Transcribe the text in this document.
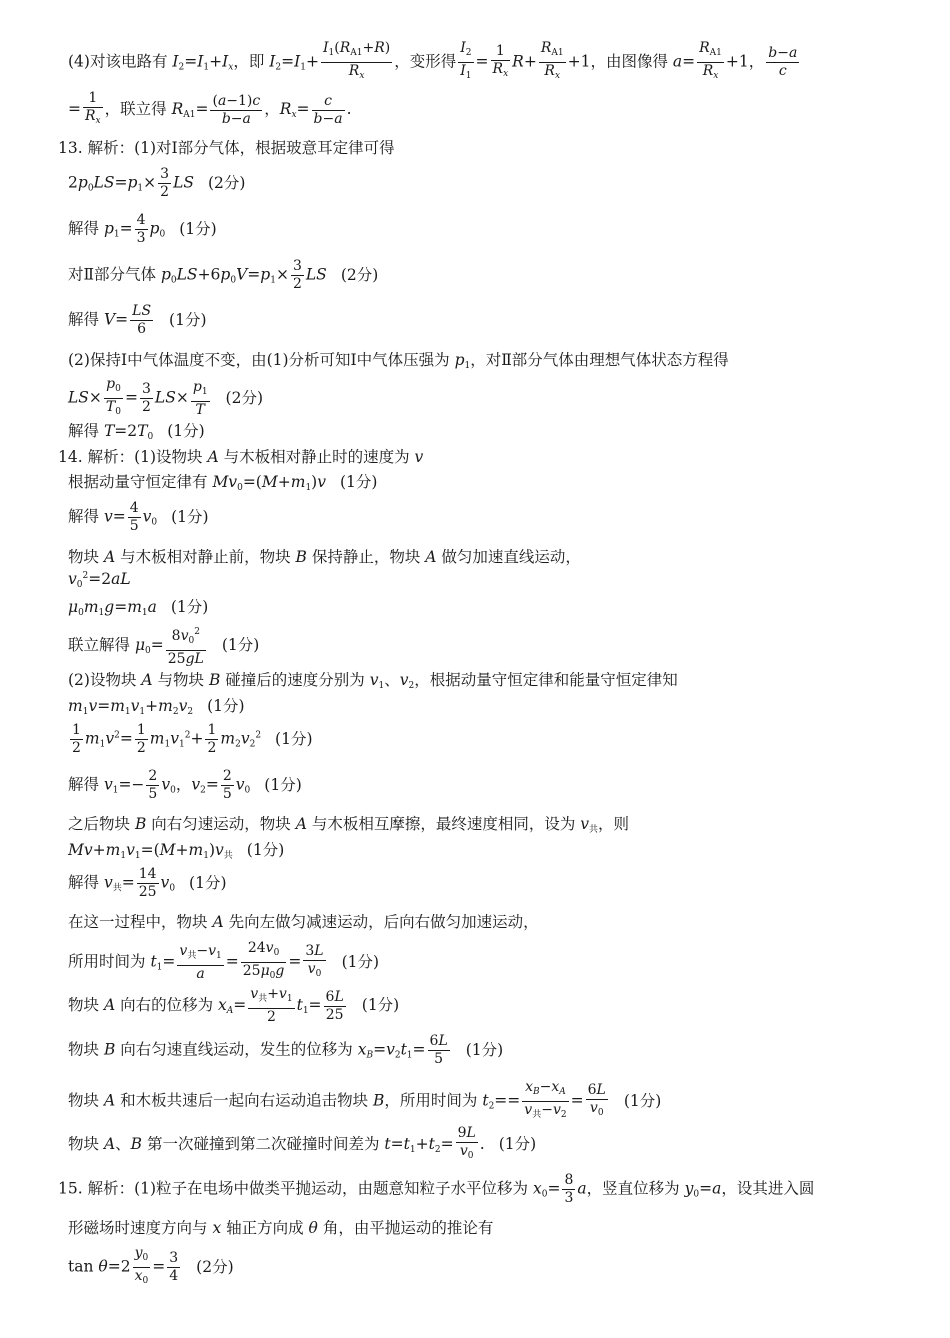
(4)对该电路有 $I_2=I_1+I_x$，即 $I_2=I_1+ \frac{I_1(R_{A1}+R)}{R_x}$ ，变形得 $\frac{I_2}{I_1} = \frac{1}{R_x} R+ \frac{R_{A1}}{R_x} +1$，由图像得 $a= \frac{R_{A1}}{R_x} +1$， $\frac{b-a}{c}$
= $\frac{1}{R_x}$ ，联立得 $R_{A1}= \frac{(a-1)c}{b-a}$ ，$R_x= \frac{c}{b-a}$ .
13. 解析：(1)对Ⅰ部分气体，根据玻意耳定律可得
$2p_0LS=p_1\times \frac{3}{2}$ LS (2分)
解得 $p_1= \frac{4}{3} p_0$ (1分)
对Ⅱ部分气体 $p_0LS+6p_0V=p_1\times \frac{3}{2}$ LS (2分)
解得 $V= \frac{LS}{6} (1$分)
(2)保持Ⅰ中气体温度不变，由(1)分析可知Ⅰ中气体压强为 $p_1$，对Ⅱ部分气体由理想气体状态方程得
$LS\times \frac{p_0}{T_0} = \frac{3}{2} LS\times \frac{p_1}{T} (2$分)
解得 $T=2T_0$ (1分)
14. 解析：(1)设物块 A 与木板相对静止时的速度为 v
根据动量守恒定律有 $Mv_0=(M+m_1)v$ (1分)
解得 $v= \frac{4}{5} v_0$ (1分)
物块 A 与木板相对静止前，物块 B 保持静止，物块 A 做匀加速直线运动，
$v_0^2=2aL$
$\mu_0m_1g=m_1a$ (1分)
联立解得 $\mu_0= \frac{8v_0^2}{25gL} (1$分)
(2)设物块 A 与物块 B 碰撞后的速度分别为 $v_1$、$v_2$，根据动量守恒定律和能量守恒定律知
$m_1v=m_1v_1+m_2v_2$ (1分)
$\frac{1}{2} m_1v^2= \frac{1}{2} m_1v_1^2+ \frac{1}{2} m_2v_2^2$ (1分)
解得 $v_1=- \frac{2}{5} v_0$，$v_2= \frac{2}{5} v_0$ (1分)
之后物块 B 向右匀速运动，物块 A 与木板相互摩擦，最终速度相同，设为 $v_共$，则
$Mv+m_1v_1=(M+m_1)v_共$ (1分)
解得 $v_共= \frac{14}{25} v_0$ (1分)
在这一过程中，物块 A 先向左做匀减速运动，后向右做匀加速运动，
所用时间为 $t_1= \frac{v_共-v_1}{a} = \frac{24v_0}{25\mu_0g} = \frac{3L}{v_0} (1$分)
物块 A 向右的位移为 $x_A= \frac{v_共+v_1}{2} t_1= \frac{6L}{25} (1$分)
物块 B 向右匀速直线运动，发生的位移为 $x_B=v_2t_1= \frac{6L}{5} (1$分)
物块 A 和木板共速后一起向右运动追击物块 B，所用时间为 $t_2== \frac{x_B-x_A}{v_共-v_2} = \frac{6L}{v_0} (1$分)
物块 A、B 第一次碰撞到第二次碰撞时间差为 $t=t_1+t_2= \frac{9L}{v_0}$ . (1分)
15. 解析：(1)粒子在电场中做类平抛运动，由题意知粒子水平位移为 $x_0= \frac{8}{3}$ a，竖直位移为 $y_0=a$，设其进入圆
形磁场时速度方向与 x 轴正方向成 θ 角，由平抛运动的推论有
$\tan \theta=2 \frac{y_0}{x_0} = \frac{3}{4} (2$分)
